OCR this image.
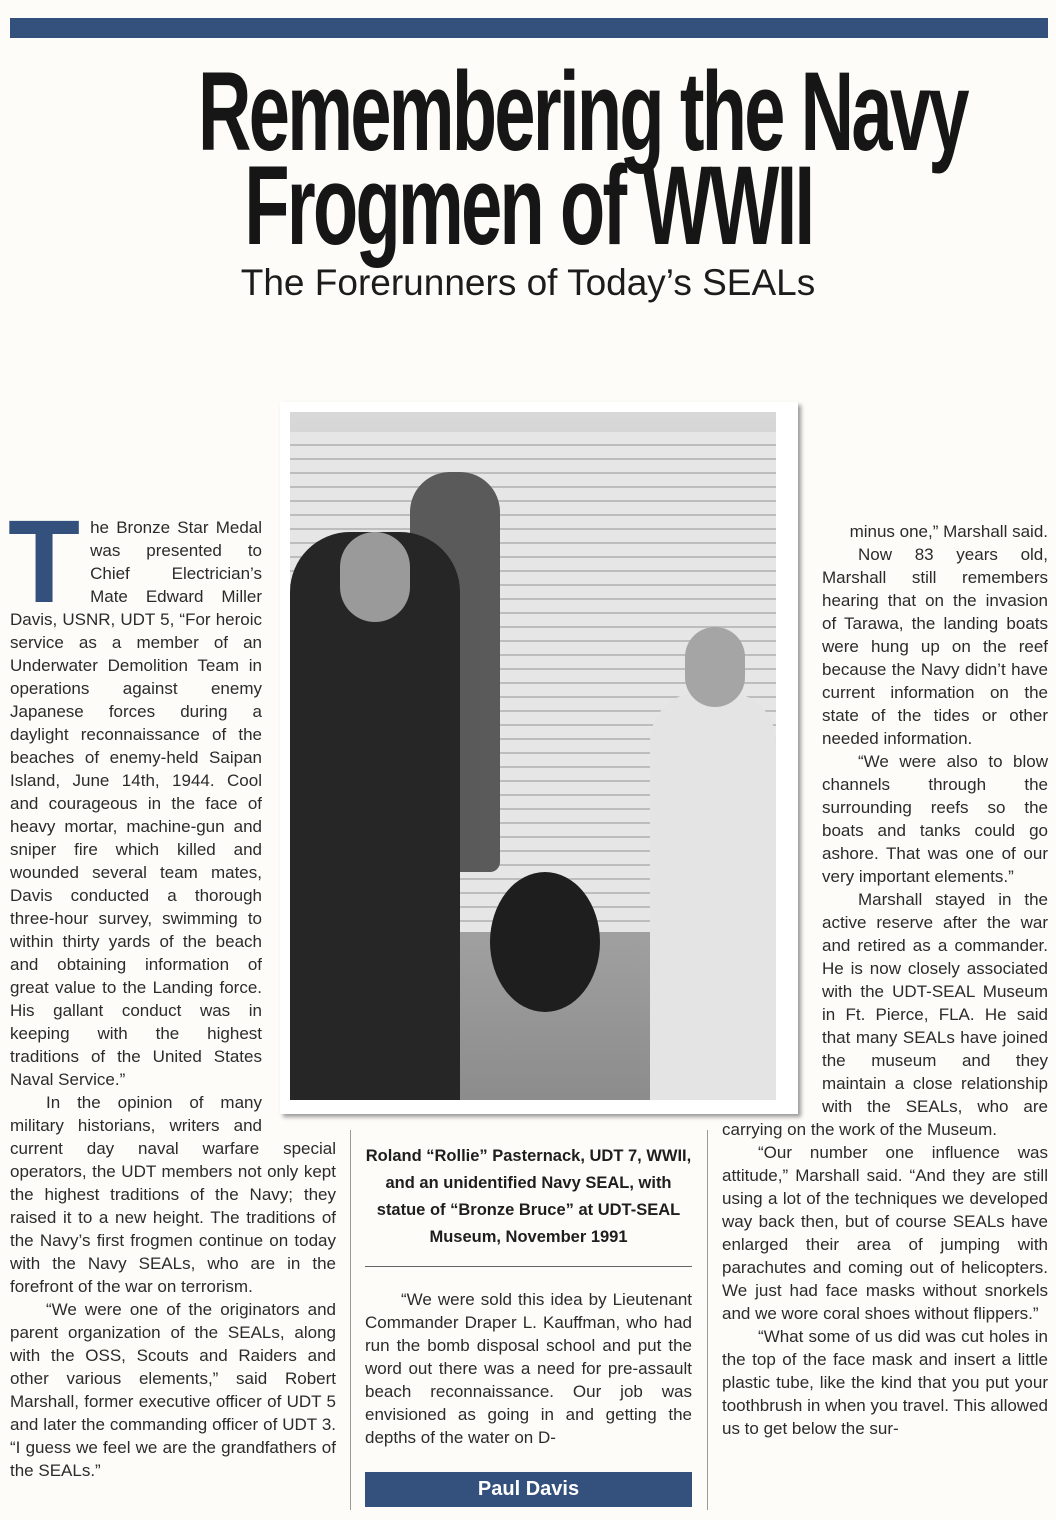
Remembering the Navy
Frogmen of WWII
The Forerunners of Today’s SEALs
T he Bronze Star Medal was presented to Chief Electrician’s Mate Edward Miller Davis, USNR, UDT 5, “For heroic service as a member of an Underwater Demolition Team in operations against enemy Japanese forces during a daylight reconnaissance of the beaches of enemy-held Saipan Island, June 14th, 1944. Cool and courageous in the face of heavy mortar, machine-gun and sniper fire which killed and wounded several team mates, Davis conducted a thorough three-hour survey, swimming to within thirty yards of the beach and obtaining information of great value to the Landing force. His gallant conduct was in keeping with the highest traditions of the United States Naval Service.”

In the opinion of many military historians, writers and current day naval warfare special operators, the UDT members not only kept the highest traditions of the Navy; they raised it to a new height. The traditions of the Navy’s first frogmen continue on today with the Navy SEALs, who are in the forefront of the war on terrorism.

“We were one of the originators and parent organization of the SEALs, along with the OSS, Scouts and Raiders and other various elements,” said Robert Marshall, former executive officer of UDT 5 and later the commanding officer of UDT 3. “I guess we feel we are the grandfathers of the SEALs.”

Roland “Rollie” Pasternack, UDT 7, WWII, and an unidentified Navy SEAL, with statue of “Bronze Bruce” at UDT-SEAL Museum, November 1991

“We were sold this idea by Lieutenant Commander Draper L. Kauffman, who had run the bomb disposal school and put the word out there was a need for pre-assault beach reconnaissance. Our job was envisioned as going in and getting the depths of the water on D-

Paul Davis

minus one,” Marshall said.

Now 83 years old, Marshall still remembers hearing that on the invasion of Tarawa, the landing boats were hung up on the reef because the Navy didn’t have current information on the state of the tides or other needed information.

“We were also to blow channels through the surrounding reefs so the boats and tanks could go ashore. That was one of our very important elements.”

Marshall stayed in the active reserve after the war and retired as a commander. He is now closely associated with the UDT-SEAL Museum in Ft. Pierce, FLA. He said that many SEALs have joined the museum and they maintain a close relationship with the SEALs, who are carrying on the work of the Museum.

“Our number one influence was attitude,” Marshall said. “And they are still using a lot of the techniques we developed way back then, but of course SEALs have enlarged their area of jumping with parachutes and coming out of helicopters. We just had face masks without snorkels and we wore coral shoes without flippers.”

“What some of us did was cut holes in the top of the face mask and insert a little plastic tube, like the kind that you put your toothbrush in when you travel. This allowed us to get below the sur-
